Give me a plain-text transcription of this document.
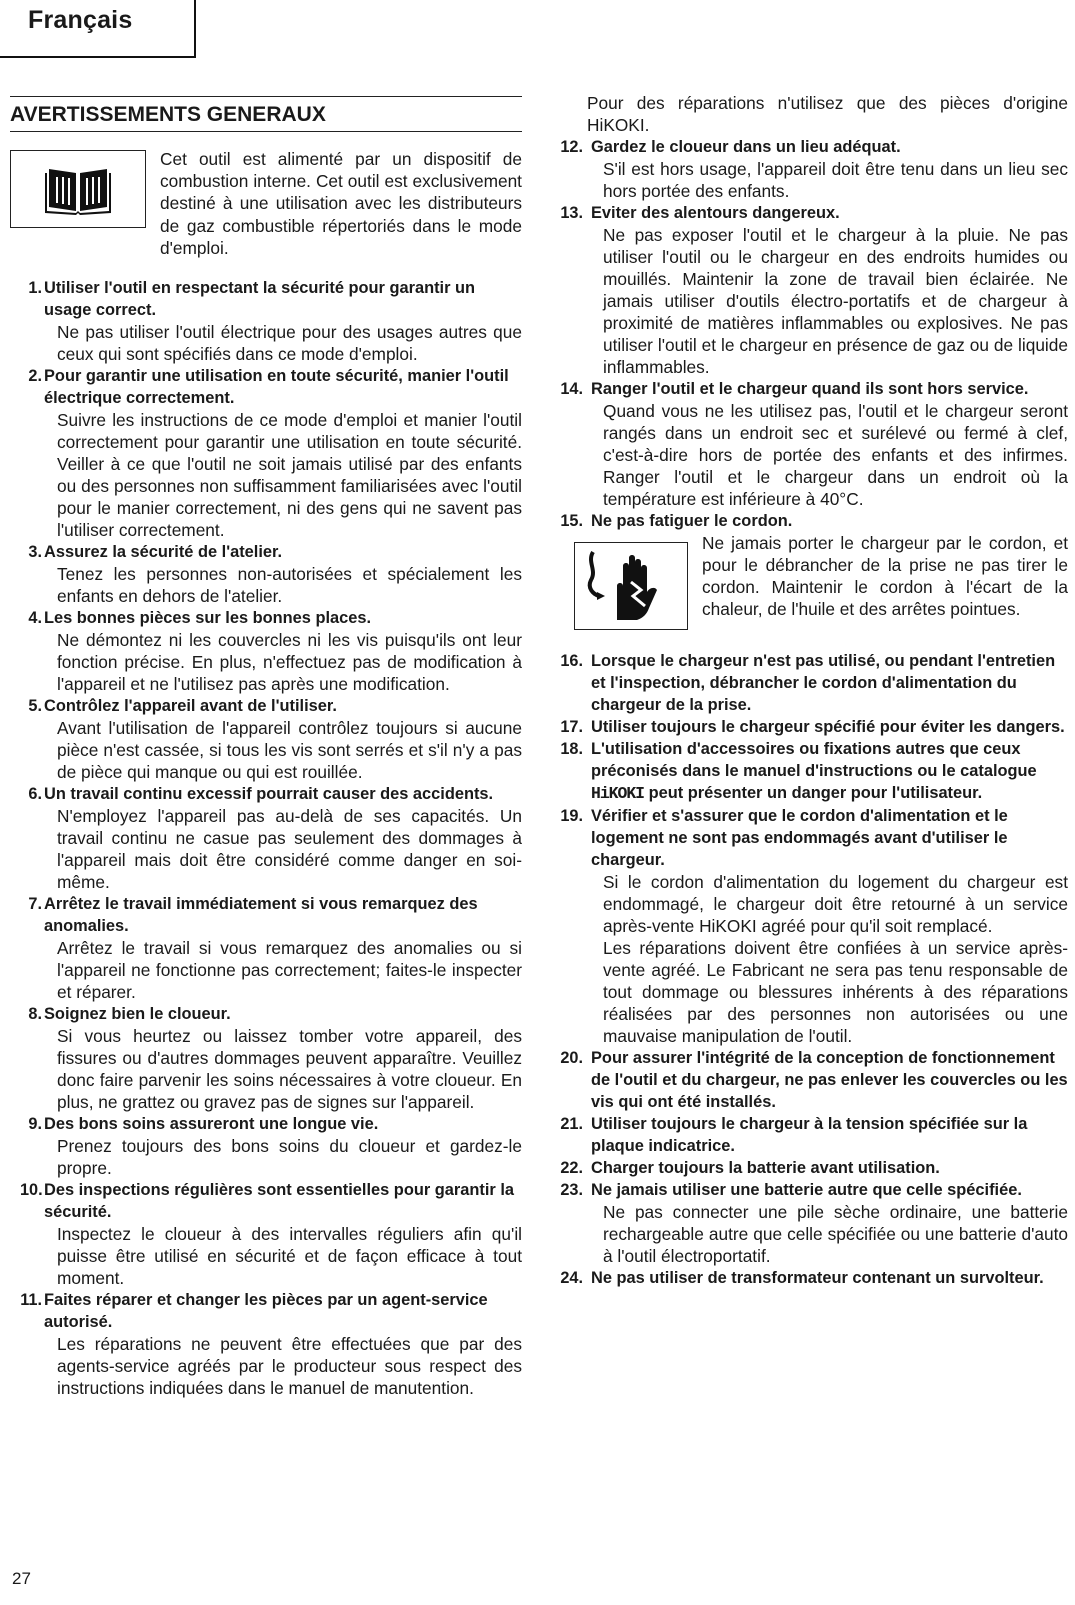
Français
AVERTISSEMENTS GENERAUX

Cet outil est alimenté par un dispositif de combustion interne. Cet outil est exclusivement destiné à une utilisation avec les distributeurs de gaz combustible répertoriés dans le mode d'emploi.

1. Utiliser l'outil en respectant la sécurité pour garantir un usage correct.

Ne pas utiliser l'outil électrique pour des usages autres que ceux qui sont spécifiés dans ce mode d'emploi.

2. Pour garantir une utilisation en toute sécurité, manier l'outil électrique correctement.

Suivre les instructions de ce mode d'emploi et manier l'outil correctement pour garantir une utilisation en toute sécurité. Veiller à ce que l'outil ne soit jamais utilisé par des enfants ou des personnes non suffisamment familiarisées avec l'outil pour le manier correctement, ni des gens qui ne savent pas l'utiliser correctement.

3. Assurez la sécurité de l'atelier.

Tenez les personnes non-autorisées et spécialement les enfants en dehors de l'atelier.

4. Les bonnes pièces sur les bonnes places.

Ne démontez ni les couvercles ni les vis puisqu'ils ont leur fonction précise. En plus, n'effectuez pas de modification à l'appareil et ne l'utilisez pas après une modification.

5. Contrôlez l'appareil avant de l'utiliser.

Avant l'utilisation de l'appareil contrôlez toujours si aucune pièce n'est cassée, si tous les vis sont serrés et s'il n'y a pas de pièce qui manque ou qui est rouillée.

6. Un travail continu excessif pourrait causer des accidents.

N'employez l'appareil pas au-delà de ses capacités. Un travail continu ne casue pas seulement des dommages à l'appareil mais doit être considéré comme danger en soi-même.

7. Arrêtez le travail immédiatement si vous remarquez des anomalies.

Arrêtez le travail si vous remarquez des anomalies ou si l'appareil ne fonctionne pas correctement; faites-le inspecter et réparer.

8. Soignez bien le cloueur.

Si vous heurtez ou laissez tomber votre appareil, des fissures ou d'autres dommages peuvent apparaître. Veuillez donc faire parvenir les soins nécessaires à votre cloueur. En plus, ne grattez ou gravez pas de signes sur l'appareil.

9. Des bons soins assureront une longue vie.

Prenez toujours des bons soins du cloueur et gardez-le propre.

10. Des inspections régulières sont essentielles pour garantir la sécurité.

Inspectez le cloueur à des intervalles réguliers afin qu'il puisse être utilisé en sécurité et de façon efficace à tout moment.

11. Faites réparer et changer les pièces par un agent-service autorisé.

Les réparations ne peuvent être effectuées que par des agents-service agréés par le producteur sous respect des instructions indiquées dans le manuel de manutention.

Pour des réparations n'utilisez que des pièces d'origine HiKOKI.

12. Gardez le cloueur dans un lieu adéquat.

S'il est hors usage, l'appareil doit être tenu dans un lieu sec hors portée des enfants.

13. Eviter des alentours dangereux.

Ne pas exposer l'outil et le chargeur à la pluie. Ne pas utiliser l'outil ou le chargeur en des endroits humides ou mouillés. Maintenir la zone de travail bien éclairée. Ne jamais utiliser d'outils électro-portatifs et de chargeur à proximité de matières inflammables ou explosives. Ne pas utiliser l'outil et le chargeur en présence de gaz ou de liquide inflammables.

14. Ranger l'outil et le chargeur quand ils sont hors service.

Quand vous ne les utilisez pas, l'outil et le chargeur seront rangés dans un endroit sec et surélevé ou fermé à clef, c'est-à-dire hors de portée des enfants et des infirmes. Ranger l'outil et le chargeur dans un endroit où la température est inférieure à 40°C.

15. Ne pas fatiguer le cordon.

Ne jamais porter le chargeur par le cordon, et pour le débrancher de la prise ne pas tirer le cordon. Maintenir le cordon à l'écart de la chaleur, de l'huile et des arrêtes pointues.

16. Lorsque le chargeur n'est pas utilisé, ou pendant l'entretien et l'inspection, débrancher le cordon d'alimentation du chargeur de la prise.

17. Utiliser toujours le chargeur spécifié pour éviter les dangers.

18. L'utilisation d'accessoires ou fixations autres que ceux préconisés dans le manuel d'instructions ou le catalogue HiKOKI peut présenter un danger pour l'utilisateur.

19. Vérifier et s'assurer que le cordon d'alimentation et le logement ne sont pas endommagés avant d'utiliser le chargeur.

Si le cordon d'alimentation du logement du chargeur est endommagé, le chargeur doit être retourné à un service après-vente HiKOKI agréé pour qu'il soit remplacé.

Les réparations doivent être confiées à un service après-vente agréé. Le Fabricant ne sera pas tenu responsable de tout dommage ou blessures inhérents à des réparations réalisées par des personnes non autorisées ou une mauvaise manipulation de l'outil.

20. Pour assurer l'intégrité de la conception de fonctionnement de l'outil et du chargeur, ne pas enlever les couvercles ou les vis qui ont été installés.

21. Utiliser toujours le chargeur à la tension spécifiée sur la plaque indicatrice.

22. Charger toujours la batterie avant utilisation.

23. Ne jamais utiliser une batterie autre que celle spécifiée.

Ne pas connecter une pile sèche ordinaire, une batterie rechargeable autre que celle spécifiée ou une batterie d'auto à l'outil électroportatif.

24. Ne pas utiliser de transformateur contenant un survolteur.

27
